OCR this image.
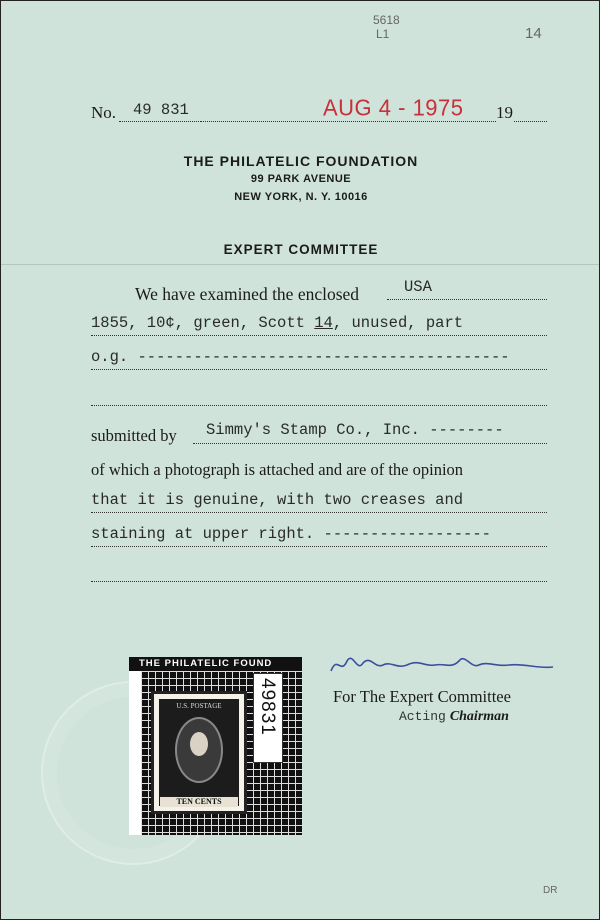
5618
L1	14
DR
No. 49 831	AUG 4 - 1975 19
THE PHILATELIC FOUNDATION
99 PARK AVENUE
NEW YORK, N. Y. 10016
EXPERT COMMITTEE
We have examined the enclosed	USA
1855, 10¢, green, Scott 14, unused, part
o.g. ----------------------------------------
submitted by Simmy's Stamp Co., Inc. --------
of which a photograph is attached and are of the opinion
that it is genuine, with two creases and
staining at upper right. ------------------
For The Expert Committee
Acting Chairman
THE PHILATELIC FOUND
U.S. POSTAGE
TEN CENTS
49831
